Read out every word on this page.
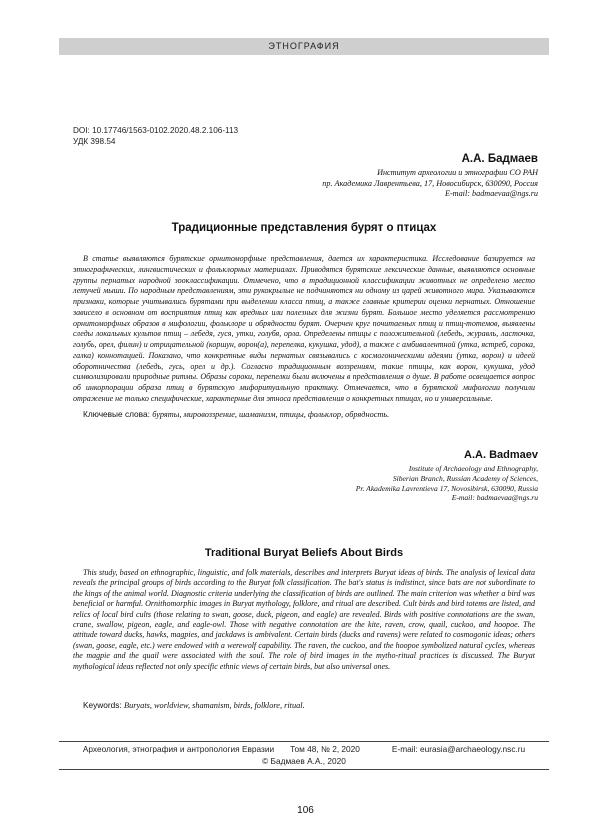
ЭТНОГРАФИЯ
DOI: 10.17746/1563-0102.2020.48.2.106-113
УДК 398.54
А.А. Бадмаев
Институт археологии и этнографии СО РАН
пр. Академика Лаврентьева, 17, Новосибирск, 630090, Россия
E-mail: badmaevaa@ngs.ru
Традиционные представления бурят о птицах

В статье выявляются бурятские орнитоморфные представления, дается их характеристика. Исследование базируется на этнографических, лингвистических и фольклорных материалах. Приводятся бурятские лексические данные, выявляются основные группы пернатых народной зооклассификации. Отмечено, что в традиционной классификации животных не определено место летучей мыши. По народным представлениям, эти рукокрылые не подчиняются ни одному из царей животного мира. Указываются признаки, которые учитывались бурятами при выделении класса птиц, а также главные критерии оценки пернатых. Отношение зависело в основном от восприятия птиц как вредных или полезных для жизни бурят. Большое место уделяется рассмотрению орнитоморфных образов в мифологии, фольклоре и обрядности бурят. Очерчен круг почитаемых птиц и птиц-тотемов, выявлены следы локальных культов птиц – лебедя, гуся, утки, голубя, орла. Определены птицы с положительной (лебедь, журавль, ласточка, голубь, орел, филин) и отрицательной (коршун, ворон(а), перепелка, кукушка, удод), а также с амбивалентной (утка, ястреб, сорока, галка) коннотацией. Показано, что конкретные виды пернатых связывались с космогоническими идеями (утка, ворон) и идеей оборотничества (лебедь, гусь, орел и др.). Согласно традиционным воззрениям, такие птицы, как ворон, кукушка, удод символизировали природные ритмы. Образы сороки, перепелки были включены в представления о душе. В работе освещается вопрос об инкорпорации образа птиц в бурятскую мифоритуальную практику. Отмечается, что в бурятской мифологии получили отражение не только специфические, характерные для этноса представления о конкретных птицах, но и универсальные.

Ключевые слова: буряты, мировоззрение, шаманизм, птицы, фольклор, обрядность.

A.A. Badmaev
Institute of Archaeology and Ethnography,
Siberian Branch, Russian Academy of Sciences,
Pr. Akademika Lavrentieva 17, Novosibirsk, 630090, Russia
E-mail: badmaevaa@ngs.ru
Traditional Buryat Beliefs About Birds

This study, based on ethnographic, linguistic, and folk materials, describes and interprets Buryat ideas of birds. The analysis of lexical data reveals the principal groups of birds according to the Buryat folk classification. The bat's status is indistinct, since bats are not subordinate to the kings of the animal world. Diagnostic criteria underlying the classification of birds are outlined. The main criterion was whether a bird was beneficial or harmful. Ornithomorphic images in Buryat mythology, folklore, and ritual are described. Cult birds and bird totems are listed, and relics of local bird cults (those relating to swan, goose, duck, pigeon, and eagle) are revealed. Birds with positive connotations are the swan, crane, swallow, pigeon, eagle, and eagle-owl. Those with negative connotation are the kite, raven, crow, quail, cuckoo, and hoopoe. The attitude toward ducks, hawks, magpies, and jackdaws is ambivalent. Certain birds (ducks and ravens) were related to cosmogonic ideas; others (swan, goose, eagle, etc.) were endowed with a werewolf capability. The raven, the cuckoo, and the hoopoe symbolized natural cycles, whereas the magpie and the quail were associated with the soul. The role of bird images in the mytho-ritual practices is discussed. The Buryat mythological ideas reflected not only specific ethnic views of certain birds, but also universal ones.

Keywords: Buryats, worldview, shamanism, birds, folklore, ritual.

Археология, этнография и антропология Евразии Том 48, № 2, 2020	E-mail: eurasia@archaeology.nsc.ru
© Бадмаев А.А., 2020
106
